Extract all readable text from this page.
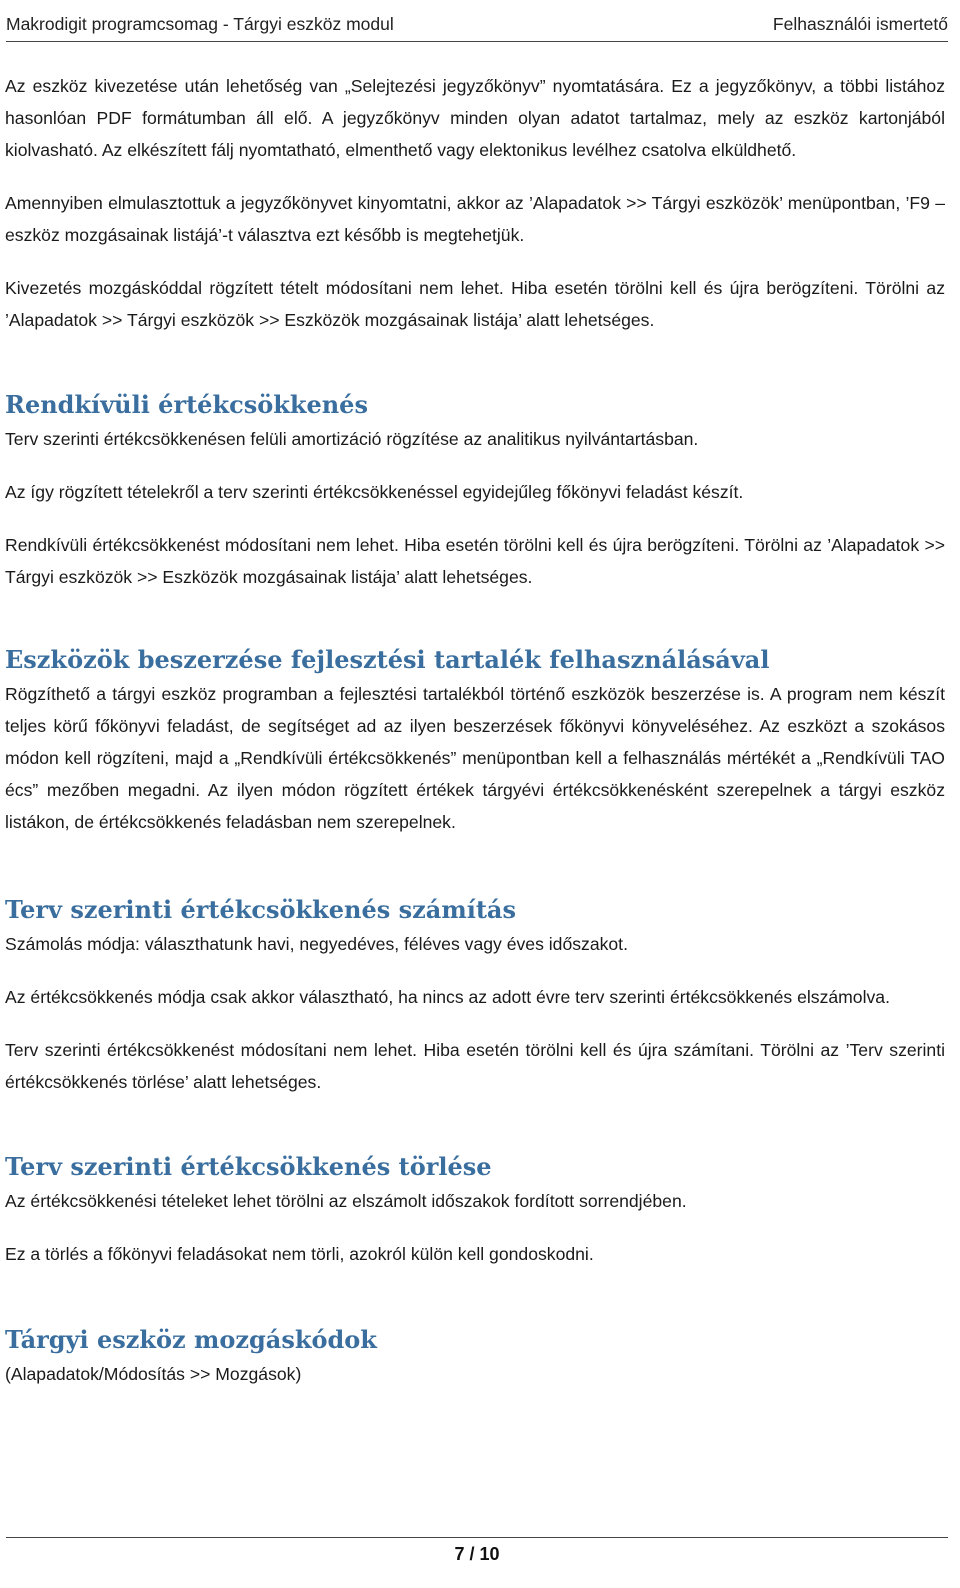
Makrodigit programcsomag - Tárgyi eszköz modul	Felhasználói ismertető

Az eszköz kivezetése után lehetőség van „Selejtezési jegyzőkönyv” nyomtatására. Ez a jegyzőkönyv, a többi listához hasonlóan PDF formátumban áll elő. A jegyzőkönyv minden olyan adatot tartalmaz, mely az eszköz kartonjából kiolvasható. Az elkészített fálj nyomtatható, elmenthető vagy elektonikus levélhez csatolva elküldhető.

Amennyiben elmulasztottuk a jegyzőkönyvet kinyomtatni, akkor az ’Alapadatok >> Tárgyi eszközök’ menüpontban, ’F9 – eszköz mozgásainak listájá’-t választva ezt később is megtehetjük.

Kivezetés mozgáskóddal rögzített tételt módosítani nem lehet. Hiba esetén törölni kell és újra berögzíteni. Törölni az ’Alapadatok >> Tárgyi eszközök >> Eszközök mozgásainak listája’ alatt lehetséges.

Rendkívüli értékcsökkenés

Terv szerinti értékcsökkenésen felüli amortizáció rögzítése az analitikus nyilvántartásban.

Az így rögzített tételekről a terv szerinti értékcsökkenéssel egyidejűleg főkönyvi feladást készít.

Rendkívüli értékcsökkenést módosítani nem lehet. Hiba esetén törölni kell és újra berögzíteni. Törölni az ’Alapadatok >> Tárgyi eszközök >> Eszközök mozgásainak listája’ alatt lehetséges.

Eszközök beszerzése fejlesztési tartalék felhasználásával

Rögzíthető a tárgyi eszköz programban a fejlesztési tartalékból történő eszközök beszerzése is. A program nem készít teljes körű főkönyvi feladást, de segítséget ad az ilyen beszerzések főkönyvi könyveléséhez. Az eszközt a szokásos módon kell rögzíteni, majd a „Rendkívüli értékcsökkenés” menüpontban kell a felhasználás mértékét a „Rendkívüli TAO écs” mezőben megadni. Az ilyen módon rögzített értékek tárgyévi értékcsökkenésként szerepelnek a tárgyi eszköz listákon, de értékcsökkenés feladásban nem szerepelnek.

Terv szerinti értékcsökkenés számítás

Számolás módja: választhatunk havi, negyedéves, féléves vagy éves időszakot.

Az értékcsökkenés módja csak akkor választható, ha nincs az adott évre terv szerinti értékcsökkenés elszámolva.

Terv szerinti értékcsökkenést módosítani nem lehet. Hiba esetén törölni kell és újra számítani. Törölni az ’Terv szerinti értékcsökkenés törlése’ alatt lehetséges.

Terv szerinti értékcsökkenés törlése

Az értékcsökkenési tételeket lehet törölni az elszámolt időszakok fordított sorrendjében.

Ez a törlés a főkönyvi feladásokat nem törli, azokról külön kell gondoskodni.

Tárgyi eszköz mozgáskódok

(Alapadatok/Módosítás >> Mozgások)

7 / 10
